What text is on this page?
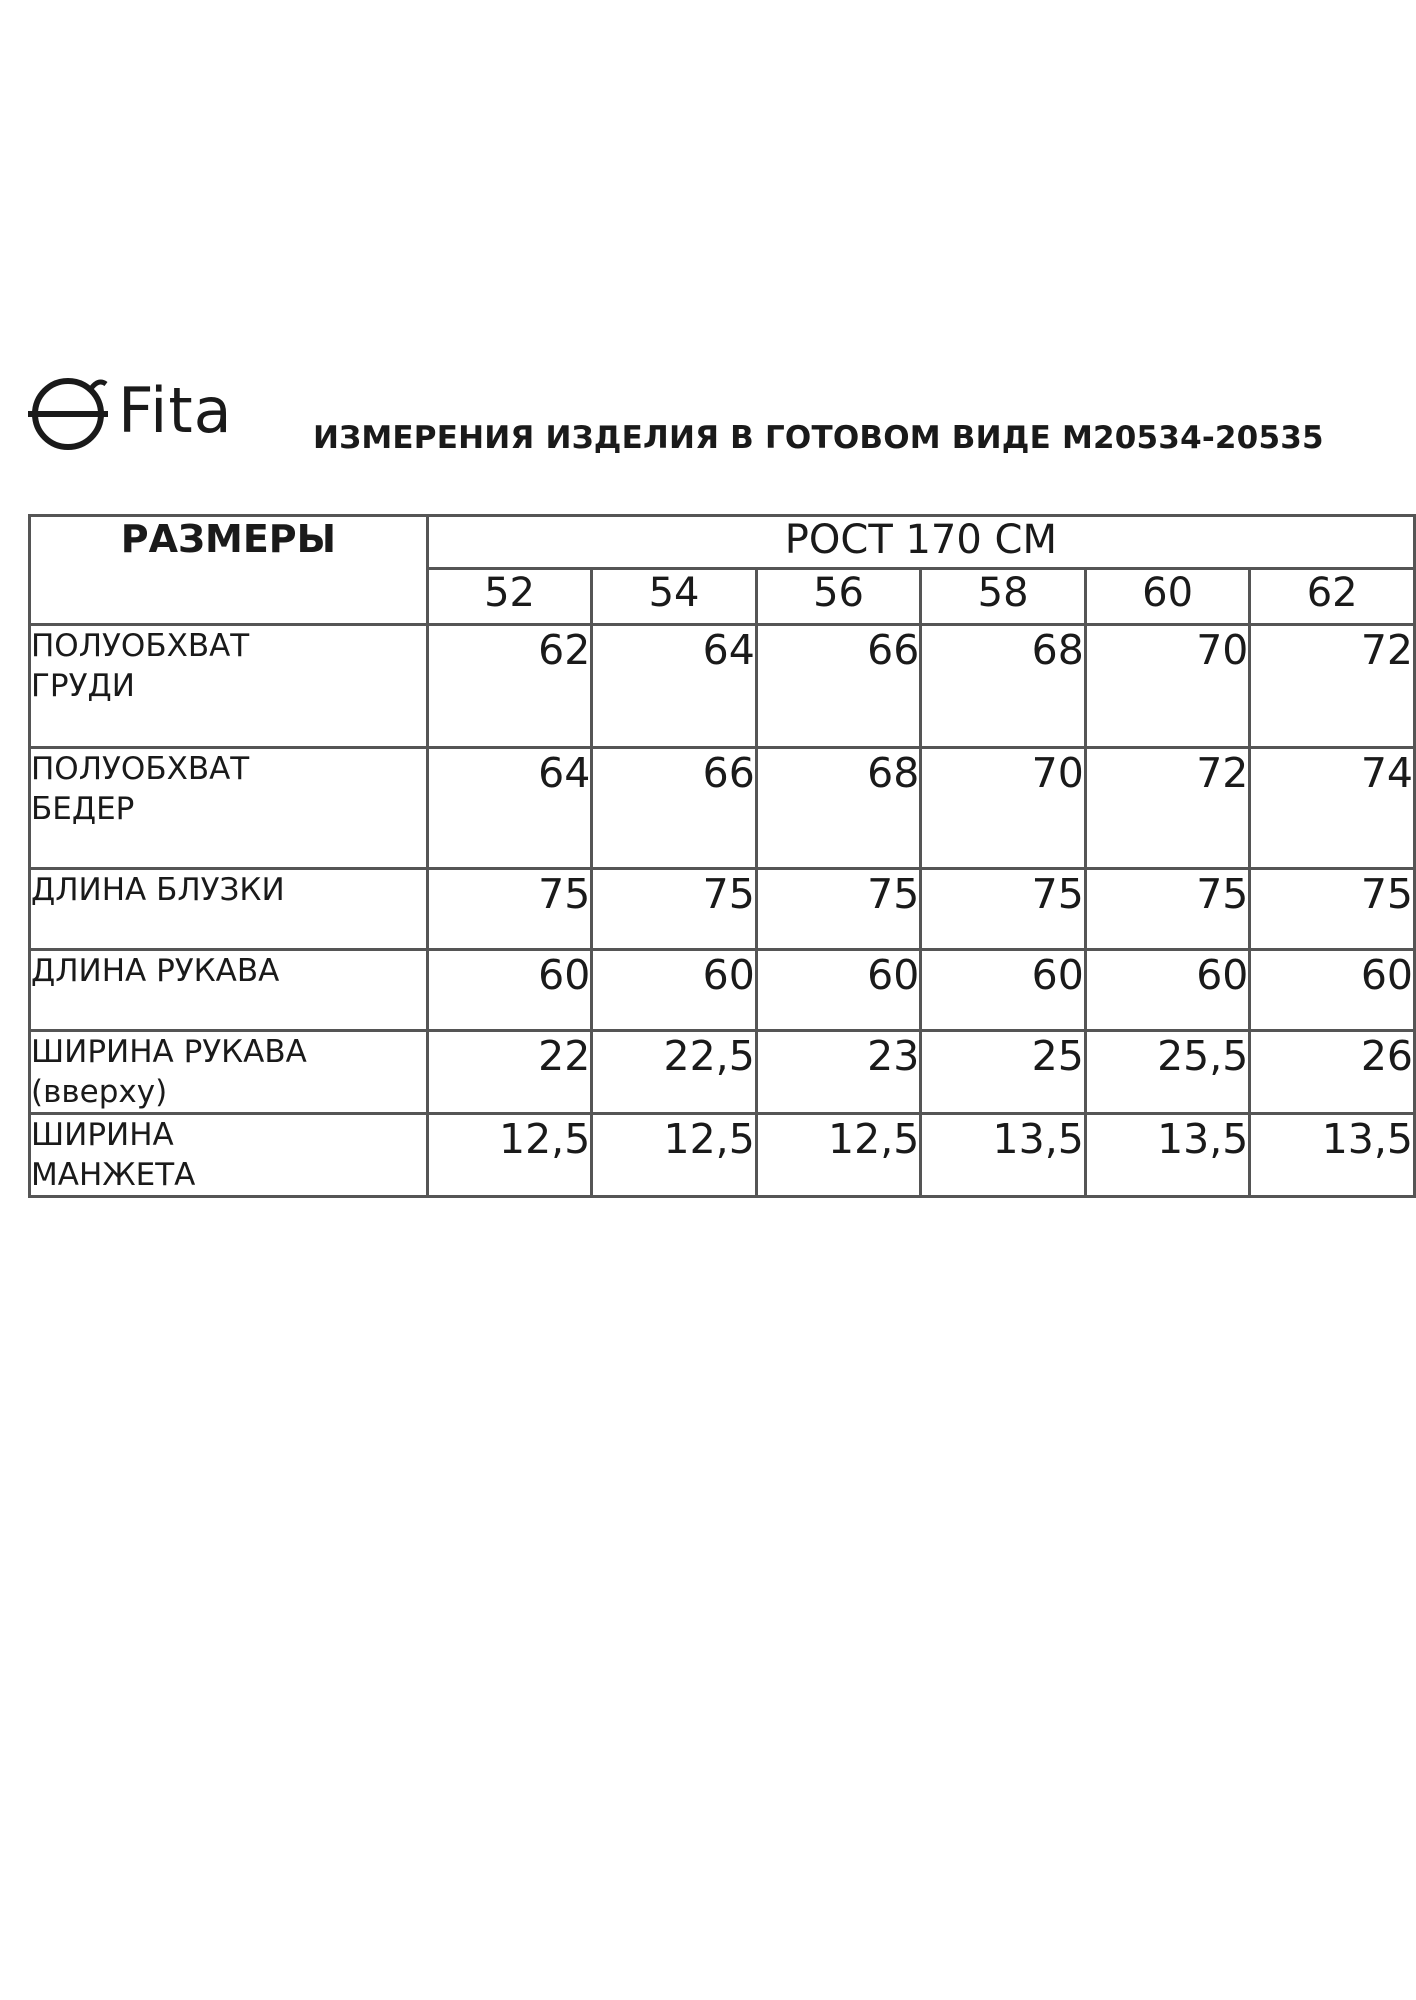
Fita	ИЗМЕРЕНИЯ ИЗДЕЛИЯ В ГОТОВОМ ВИДЕ М20534-20535
РАЗМЕРЫ	РОСТ 170 СМ					
	52	54	56	58	60	62

ПОЛУОБХВАТ ГРУДИ	62	64	66	68	70	72

ПОЛУОБХВАТ БЕДЕР	64	66	68	70	72	74
ДЛИНА БЛУЗКИ	75	75	75	75	75	75
ДЛИНА РУКАВА	60	60	60	60	60	60

ШИРИНА РУКАВА (вверху)	22	22,5	23	25	25,5	26

ШИРИНА МАНЖЕТА	12,5	12,5	12,5	13,5	13,5	13,5
